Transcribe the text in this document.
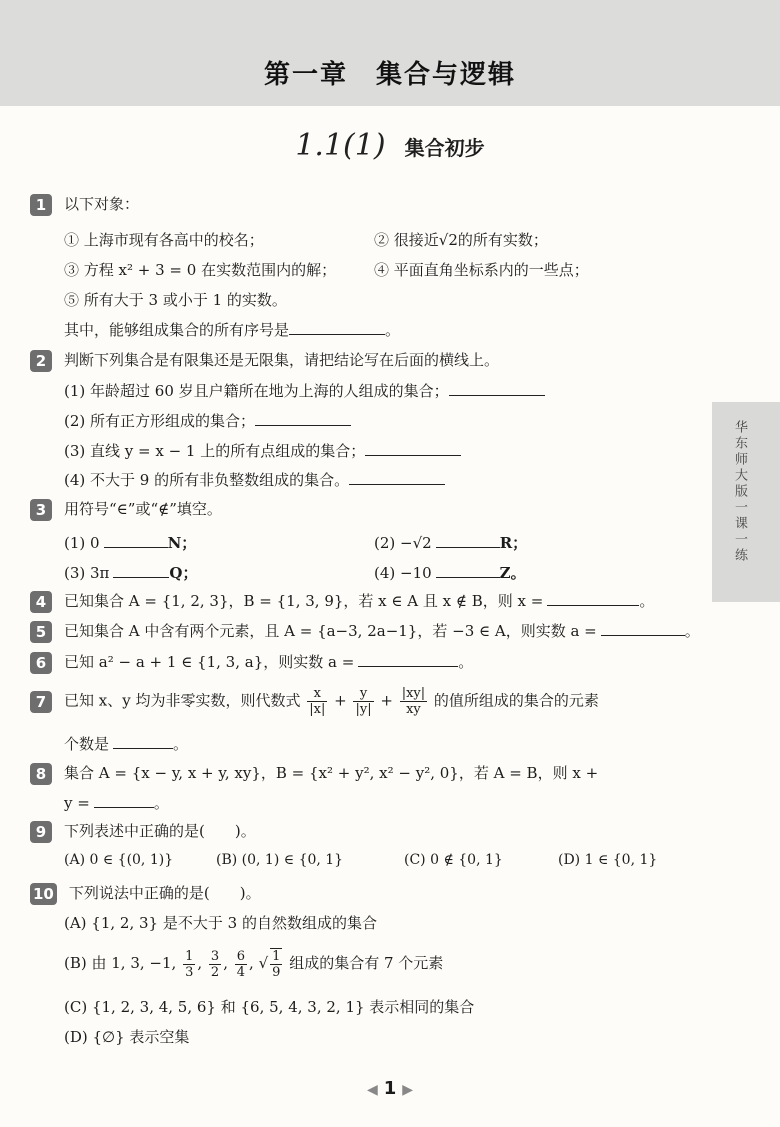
第一章　集合与逻辑
1.1(1) 集合初步
华东师大版一课一练
1 以下对象：
① 上海市现有各高中的校名；	② 很接近√2的所有实数；
③ 方程 x² + 3 = 0 在实数范围内的解；	④ 平面直角坐标系内的一些点；
⑤ 所有大于 3 或小于 1 的实数。
其中，能够组成集合的所有序号是	。
2 判断下列集合是有限集还是无限集，请把结论写在后面的横线上。
(1) 年龄超过 60 岁且户籍所在地为上海的人组成的集合；
(2) 所有正方形组成的集合；
(3) 直线 y = x − 1 上的所有点组成的集合；
(4) 不大于 9 的所有非负整数组成的集合。
3 用符号“∈”或“∉”填空。
(1) 0	N；	(2) −√2	R；
(3) 3π	Q；	(4) −10	Z。
4 已知集合 A = {1, 2, 3}，B = {1, 3, 9}，若 x ∈ A 且 x ∉ B，则 x =	。
5 已知集合 A 中含有两个元素，且 A = {a−3, 2a−1}，若 −3 ∈ A，则实数 a =	。
6 已知 a² − a + 1 ∈ {1, 3, a}，则实数 a =	。
7 已知 x、y 均为非零实数，则代数式 $\frac{x}{|x|} + \frac{y}{|y|} + \frac{|xy|}{xy}$ 的值所组成的集合的元素
个数是	。
8 集合 A = {x − y, x + y, xy}，B = {x² + y², x² − y², 0}，若 A = B，则 x +
y =	。
9 下列表述中正确的是(　　)。
(A) 0 ∈ {(0, 1)}	(B) (0, 1) ∈ {0, 1}	(C) 0 ∉ {0, 1}	(D) 1 ∈ {0, 1}
10 下列说法中正确的是(　　)。
(A) {1, 2, 3} 是不大于 3 的自然数组成的集合
(B) 由 1, 3, −1, $\frac{1}{3}$ , $\frac{3}{2}$ , $\frac{6}{4}$ , √ $\frac{1}{9}$ 组成的集合有 7 个元素
(C) {1, 2, 3, 4, 5, 6} 和 {6, 5, 4, 3, 2, 1} 表示相同的集合
(D) {∅} 表示空集
◀ 1 ▶
